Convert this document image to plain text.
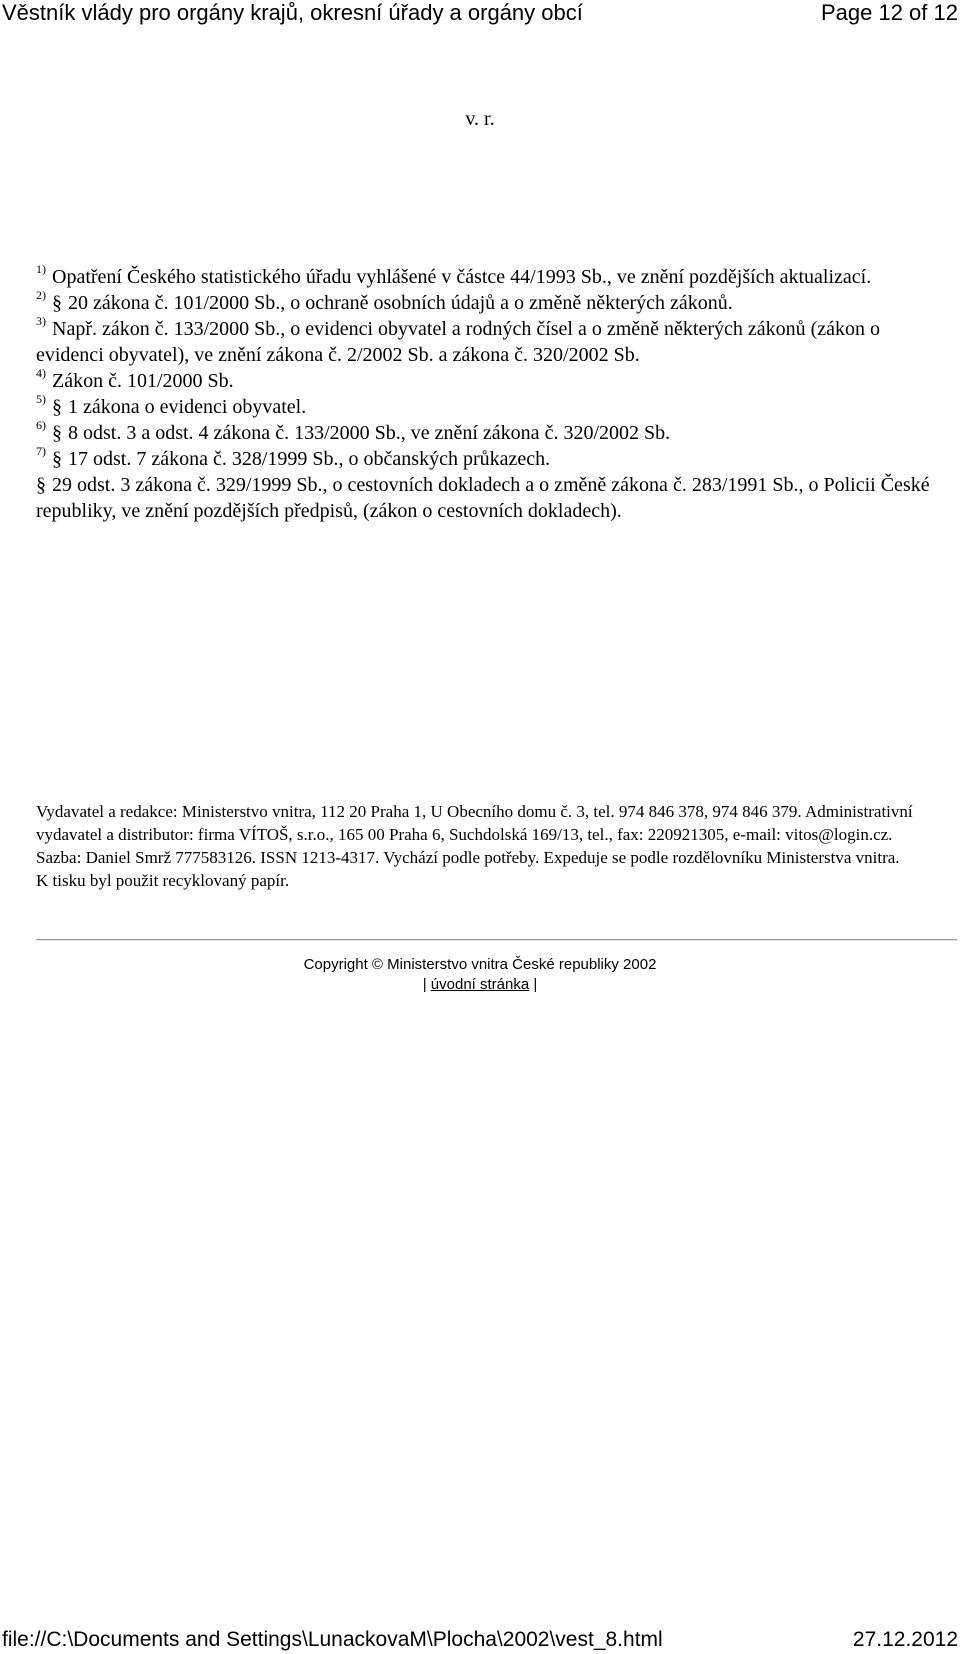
Věstník vlády pro orgány krajů, okresní úřady a orgány obcí	Page 12 of 12
v. r.

$^{1)}$ Opatření Českého statistického úřadu vyhlášené v částce 44/1993 Sb., ve znění pozdějších aktualizací.

$^{2)}$ § 20 zákona č. 101/2000 Sb., o ochraně osobních údajů a o změně některých zákonů.

$^{3)}$ Např. zákon č. 133/2000 Sb., o evidenci obyvatel a rodných čísel a o změně některých zákonů (zákon o evidenci obyvatel), ve znění zákona č. 2/2002 Sb. a zákona č. 320/2002 Sb.

$^{4)}$ Zákon č. 101/2000 Sb.

$^{5)}$ § 1 zákona o evidenci obyvatel.

$^{6)}$ § 8 odst. 3 a odst. 4 zákona č. 133/2000 Sb., ve znění zákona č. 320/2002 Sb.

$^{7)}$ § 17 odst. 7 zákona č. 328/1999 Sb., o občanských průkazech.

§ 29 odst. 3 zákona č. 329/1999 Sb., o cestovních dokladech a o změně zákona č. 283/1991 Sb., o Policii České republiky, ve znění pozdějších předpisů, (zákon o cestovních dokladech).

Vydavatel a redakce: Ministerstvo vnitra, 112 20 Praha 1, U Obecního domu č. 3, tel. 974 846 378, 974 846 379. Administrativní vydavatel a distributor: firma VÍTOŠ, s.r.o., 165 00 Praha 6, Suchdolská 169/13, tel., fax: 220921305, e-mail: vitos@login.cz. Sazba: Daniel Smrž 777583126. ISSN 1213-4317. Vychází podle potřeby. Expeduje se podle rozdělovníku Ministerstva vnitra. K tisku byl použit recyklovaný papír.
Copyright © Ministerstvo vnitra České republiky 2002
| úvodní stránka |
file://C:\Documents and Settings\LunackovaM\Plocha\2002\vest_8.html	27.12.2012
